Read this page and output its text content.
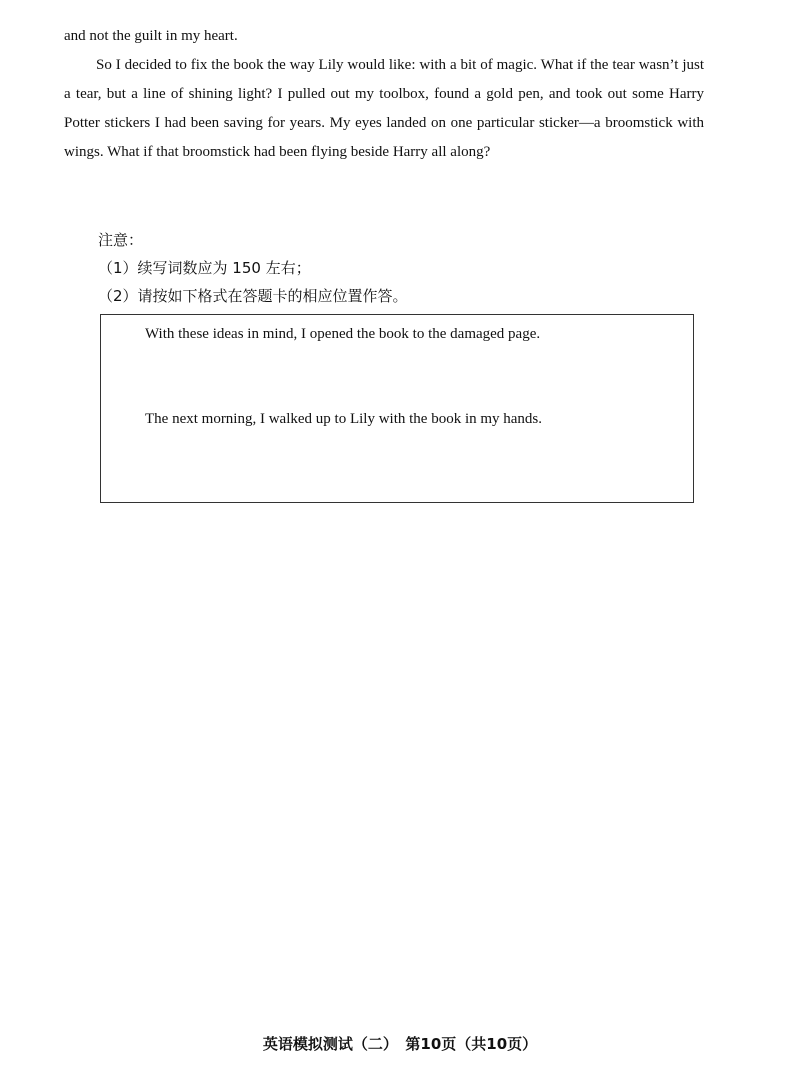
and not the guilt in my heart.

So I decided to fix the book the way Lily would like: with a bit of magic. What if the tear wasn’t just a tear, but a line of shining light? I pulled out my toolbox, found a gold pen, and took out some Harry Potter stickers I had been saving for years. My eyes landed on one particular sticker—a broomstick with wings. What if that broomstick had been flying beside Harry all along?

注意：
（1）续写词数应为 150 左右；
（2）请按如下格式在答题卡的相应位置作答。
With these ideas in mind, I opened the book to the damaged page.
The next morning, I walked up to Lily with the book in my hands.
英语模拟测试（二）　第10页（共10页）
